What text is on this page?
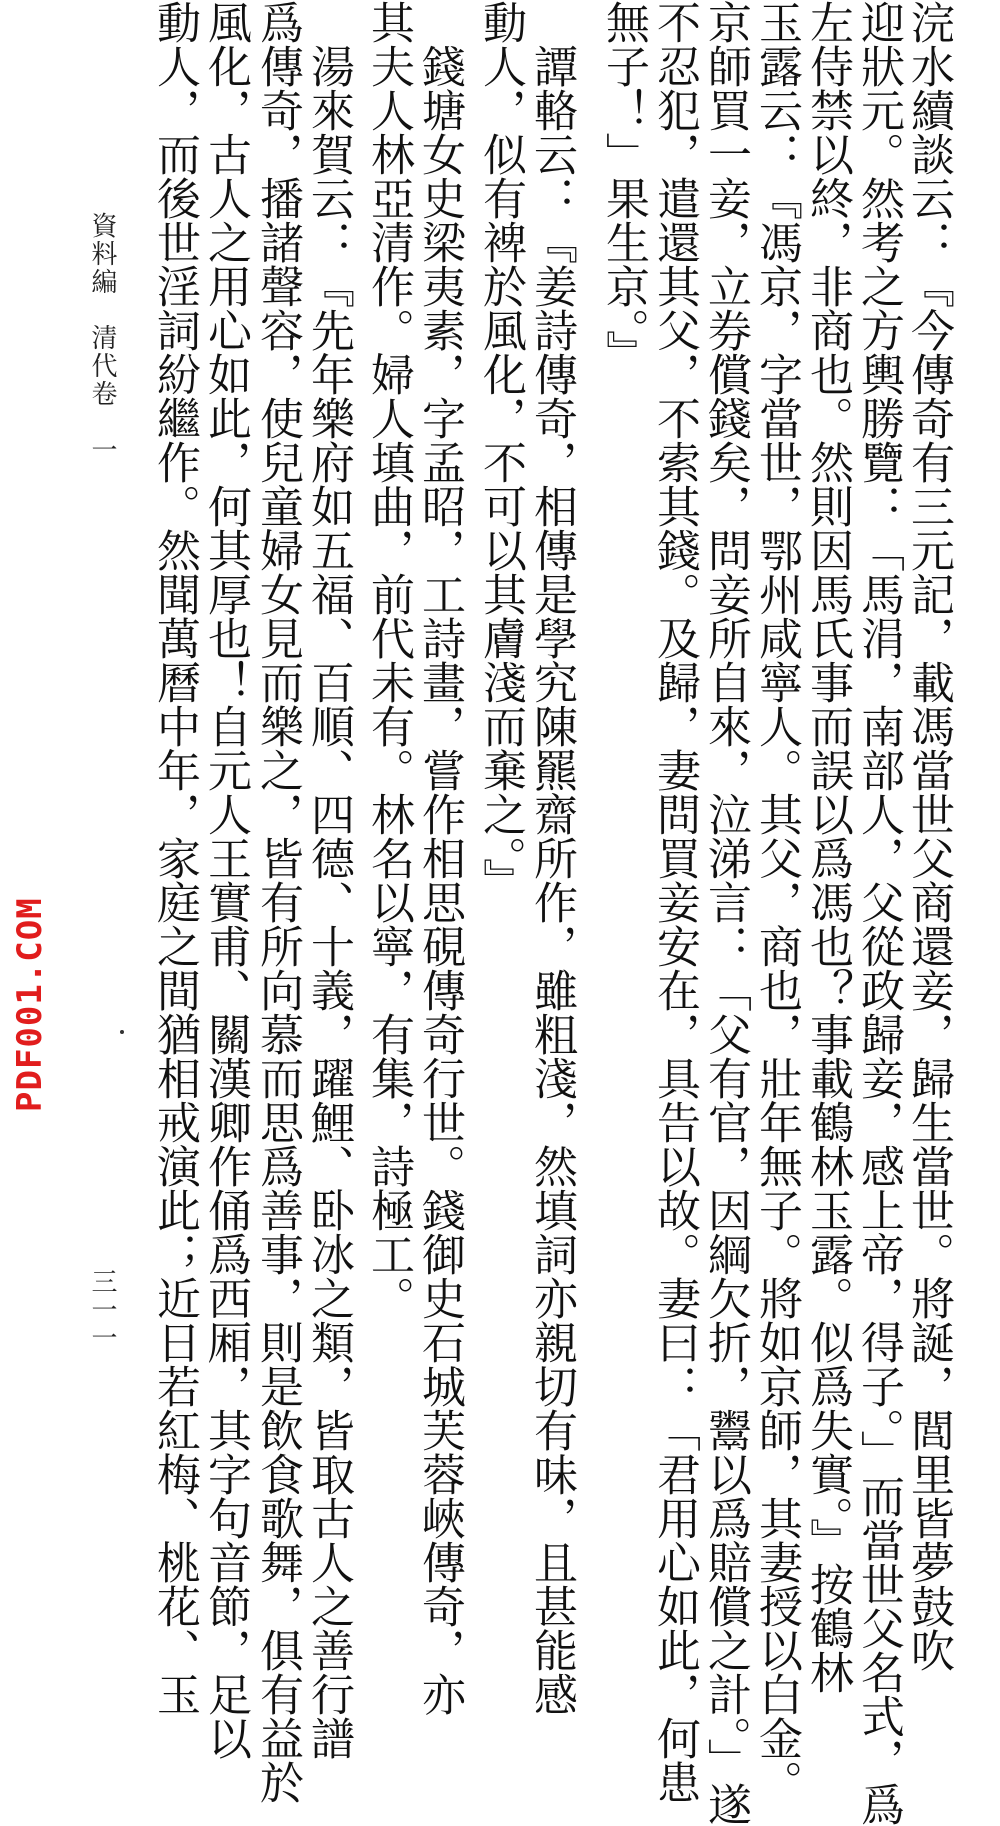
浣水續談云：『今傳奇有三元記，載馮當世父商還妾，歸生當世。將誕，閭里皆夢鼓吹
迎狀元。然考之方輿勝覽：「馬涓，南部人，父從政歸妾，感上帝，得子。」而當世父名式，爲
左侍禁以終，非商也。然則因馬氏事而誤以爲馮也？事載鶴林玉露。似爲失實。』按鶴林
玉露云：『馮京，字當世，鄂州咸寧人。其父，商也，壯年無子。將如京師，其妻授以白金。
京師買一妾，立券償錢矣，問妾所自來，泣涕言：「父有官，因綱欠折，鬻以爲賠償之計。」遂
不忍犯，遣還其父，不索其錢。及歸，妻問買妾安在，具告以故。妻曰：「君用心如此，何患
無子！」果生京。』
　譚輅云：『姜詩傳奇，相傳是學究陳羆齋所作，雖粗淺，然填詞亦親切有味，且甚能感
動人，似有裨於風化，不可以其膚淺而棄之。』
　錢塘女史梁夷素，字孟昭，工詩畫，嘗作相思硯傳奇行世。錢御史石城芙蓉峽傳奇，亦
其夫人林亞清作。婦人填曲，前代未有。林名以寧，有集，詩極工。
　湯來賀云：『先年樂府如五福、百順、四德、十義，躍鯉、卧冰之類，皆取古人之善行譜
爲傳奇，播諸聲容，使兒童婦女見而樂之，皆有所向慕而思爲善事，則是飲食歌舞，俱有益於
風化，古人之用心如此，何其厚也！自元人王實甫、關漢卿作俑爲西厢，其字句音節，足以
動人，而後世淫詞紛繼作。然聞萬曆中年，家庭之間猶相戒演此；近日若紅梅、桃花、玉
資料編　清代卷　一
三一一
PDF001.COM
